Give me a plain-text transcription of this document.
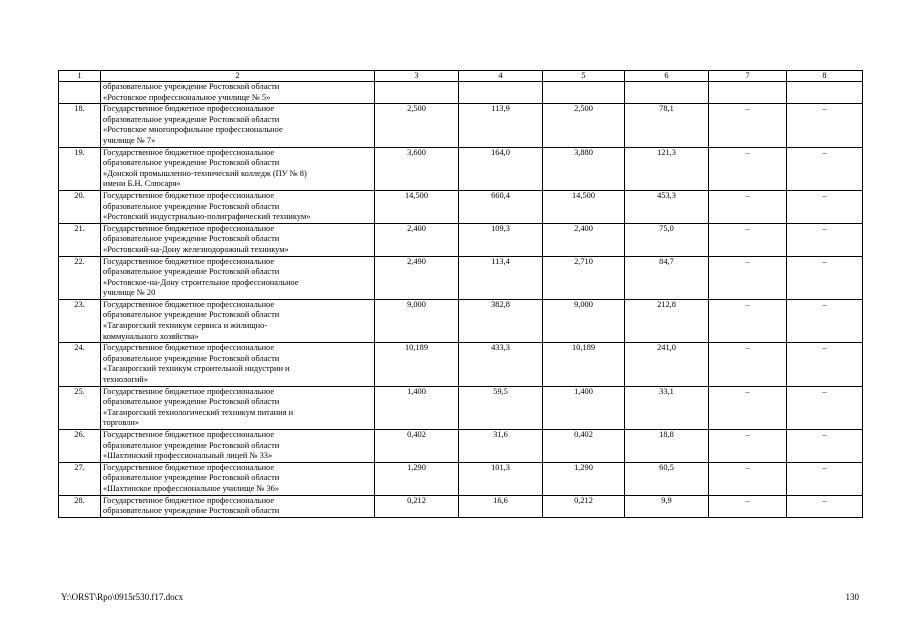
1	2	3	4	5	6	7	8
	образовательное учреждение Ростовской области
«Ростовское профессиональное училище № 5»						
18.	Государственное бюджетное профессиональное
образовательное учреждение Ростовской области
«Ростовское многопрофильное профессиональное
училище № 7»	2,500	113,9	2,500	78,1	–	–
19.	Государственное бюджетное профессиональное
образовательное учреждение Ростовской области
«Донской промышленно-технический колледж (ПУ № 8)
имени Б.Н. Слюсаря»	3,600	164,0	3,880	121,3	–	–
20.	Государственное бюджетное профессиональное
образовательное учреждение Ростовской области
«Ростовский индустриально-полиграфический техникум»	14,500	660,4	14,500	453,3	–	–
21.	Государственное бюджетное профессиональное
образовательное учреждение Ростовской области
«Ростовский-на-Дону железнодорожный техникум»	2,400	109,3	2,400	75,0	–	–
22.	Государственное бюджетное профессиональное
образовательное учреждение Ростовской области
«Ростовское-на-Дону строительное профессиональное
училище № 20	2,490	113,4	2,710	84,7	–	–
23.	Государственное бюджетное профессиональное
образовательное учреждение Ростовской области
«Таганрогский техникум сервиса и жилищно-
коммунального хозяйства»	9,000	382,8	9,000	212,8	–	–
24.	Государственное бюджетное профессиональное
образовательное учреждение Ростовской области
«Таганрогский техникум строительной индустрии и
технологий»	10,189	433,3	10,189	241,0	–	–
25.	Государственное бюджетное профессиональное
образовательное учреждение Ростовской области
«Таганрогский технологический техникум питания и
торговли»	1,400	59,5	1,400	33,1	–	–
26.	Государственное бюджетное профессиональное
образовательное учреждение Ростовской области
«Шахтинский профессиональный лицей № 33»	0,402	31,6	0,402	18,8	–	–
27.	Государственное бюджетное профессиональное
образовательное учреждение Ростовской области
«Шахтинское профессиональное училище № 36»	1,290	101,3	1,290	60,5	–	–
28.	Государственное бюджетное профессиональное
образовательное учреждение Ростовской области	0,212	16,6	0,212	9,9	–	–
Y:\ORST\Rpo\0915r530.f17.docx	130
